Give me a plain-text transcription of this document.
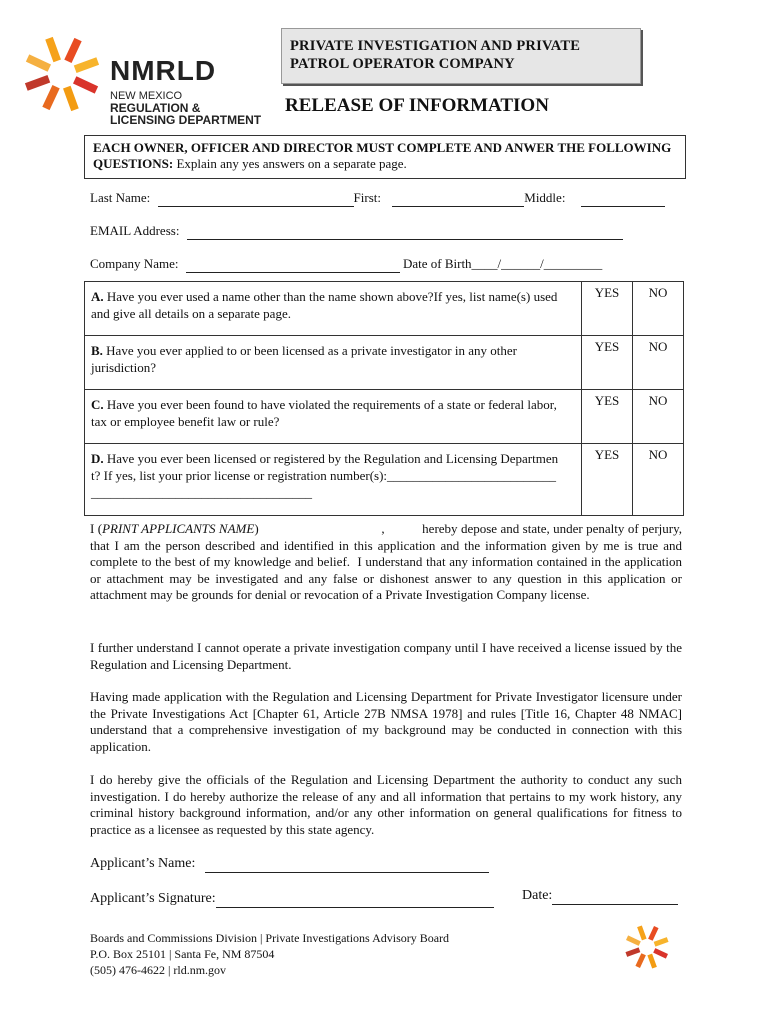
NMRLD
NEW MEXICO
REGULATION &
LICENSING DEPARTMENT
PRIVATE INVESTIGATION AND PRIVATE
PATROL OPERATOR COMPANY
RELEASE OF INFORMATION
EACH OWNER, OFFICER AND DIRECTOR MUST COMPLETE AND ANWER THE FOLLOWING QUESTIONS: Explain any yes answers on a separate page.
Last Name:	First:	Middle:
EMAIL Address:
Company Name:	Date of Birth____/______/_________
A. Have you ever used a name other than the name shown above?If yes, list name(s) used and give all details on a separate page.	YES	NO
B. Have you ever applied to or been licensed as a private investigator in any other jurisdiction?	YES	NO
C. Have you ever been found to have violated the requirements of a state or federal labor, tax or employee benefit law or rule?	YES	NO
D. Have you ever been licensed or registered by the Regulation and Licensing Department? If yes, list your prior license or registration number(s):____________________________________________________________	YES	NO
I (PRINT APPLICANTS NAME)                                    ,           hereby depose and state, under penalty of perjury, that I am the person described and identified in this application and the information given by me is true and complete to the best of my knowledge and belief.  I understand that any information contained in the application or attachment may be investigated and any false or dishonest answer to any question in this application or attachment may be grounds for denial or revocation of a Private Investigation Company license.
I further understand I cannot operate a private investigation company until I have received a license issued by the Regulation and Licensing Department.
Having made application with the Regulation and Licensing Department for Private Investigator licensure under the Private Investigations Act [Chapter 61, Article 27B NMSA 1978] and rules [Title 16, Chapter 48 NMAC] understand that a comprehensive investigation of my background may be conducted in connection with this application.
I do hereby give the officials of the Regulation and Licensing Department the authority to conduct any such investigation. I do hereby authorize the release of any and all information that pertains to my work history, any criminal history background information, and/or any other information on general qualifications for fitness to practice as a licensee as requested by this state agency.
Applicant’s Name:
Applicant’s Signature:	Date:
Boards and Commissions Division | Private Investigations Advisory Board
P.O. Box 25101 | Santa Fe, NM 87504
(505) 476-4622 | rld.nm.gov
